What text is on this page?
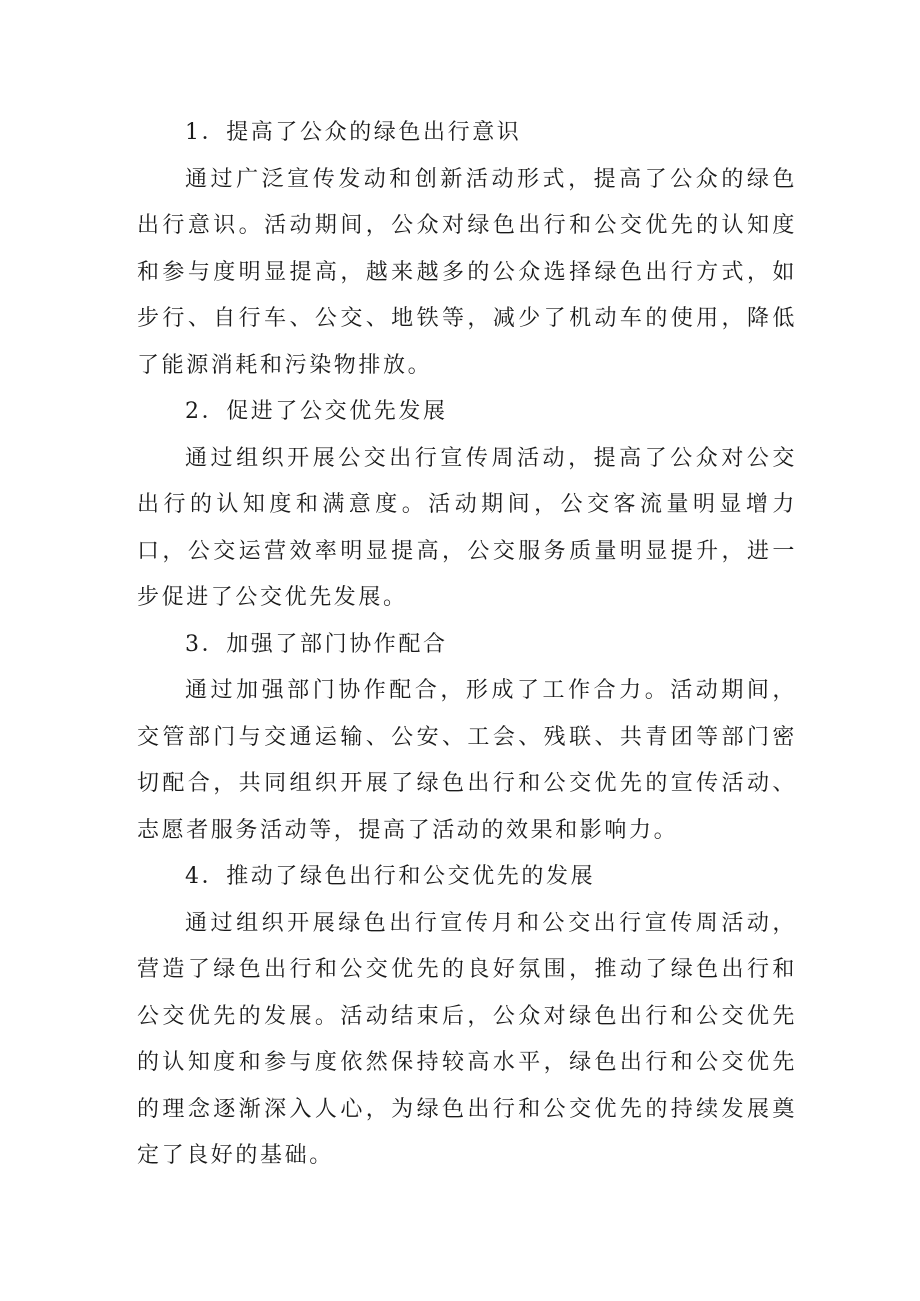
1．提高了公众的绿色出行意识

通过广泛宣传发动和创新活动形式，提高了公众的绿色出行意识。活动期间，公众对绿色出行和公交优先的认知度和参与度明显提高，越来越多的公众选择绿色出行方式，如步行、自行车、公交、地铁等，减少了机动车的使用，降低了能源消耗和污染物排放。

2．促进了公交优先发展

通过组织开展公交出行宣传周活动，提高了公众对公交出行的认知度和满意度。活动期间，公交客流量明显增力口，公交运营效率明显提高，公交服务质量明显提升，进一步促进了公交优先发展。

3．加强了部门协作配合

通过加强部门协作配合，形成了工作合力。活动期间，交管部门与交通运输、公安、工会、残联、共青团等部门密切配合，共同组织开展了绿色出行和公交优先的宣传活动、志愿者服务活动等，提高了活动的效果和影响力。

4．推动了绿色出行和公交优先的发展

通过组织开展绿色出行宣传月和公交出行宣传周活动，营造了绿色出行和公交优先的良好氛围，推动了绿色出行和公交优先的发展。活动结束后，公众对绿色出行和公交优先的认知度和参与度依然保持较高水平，绿色出行和公交优先的理念逐渐深入人心，为绿色出行和公交优先的持续发展奠定了良好的基础。
